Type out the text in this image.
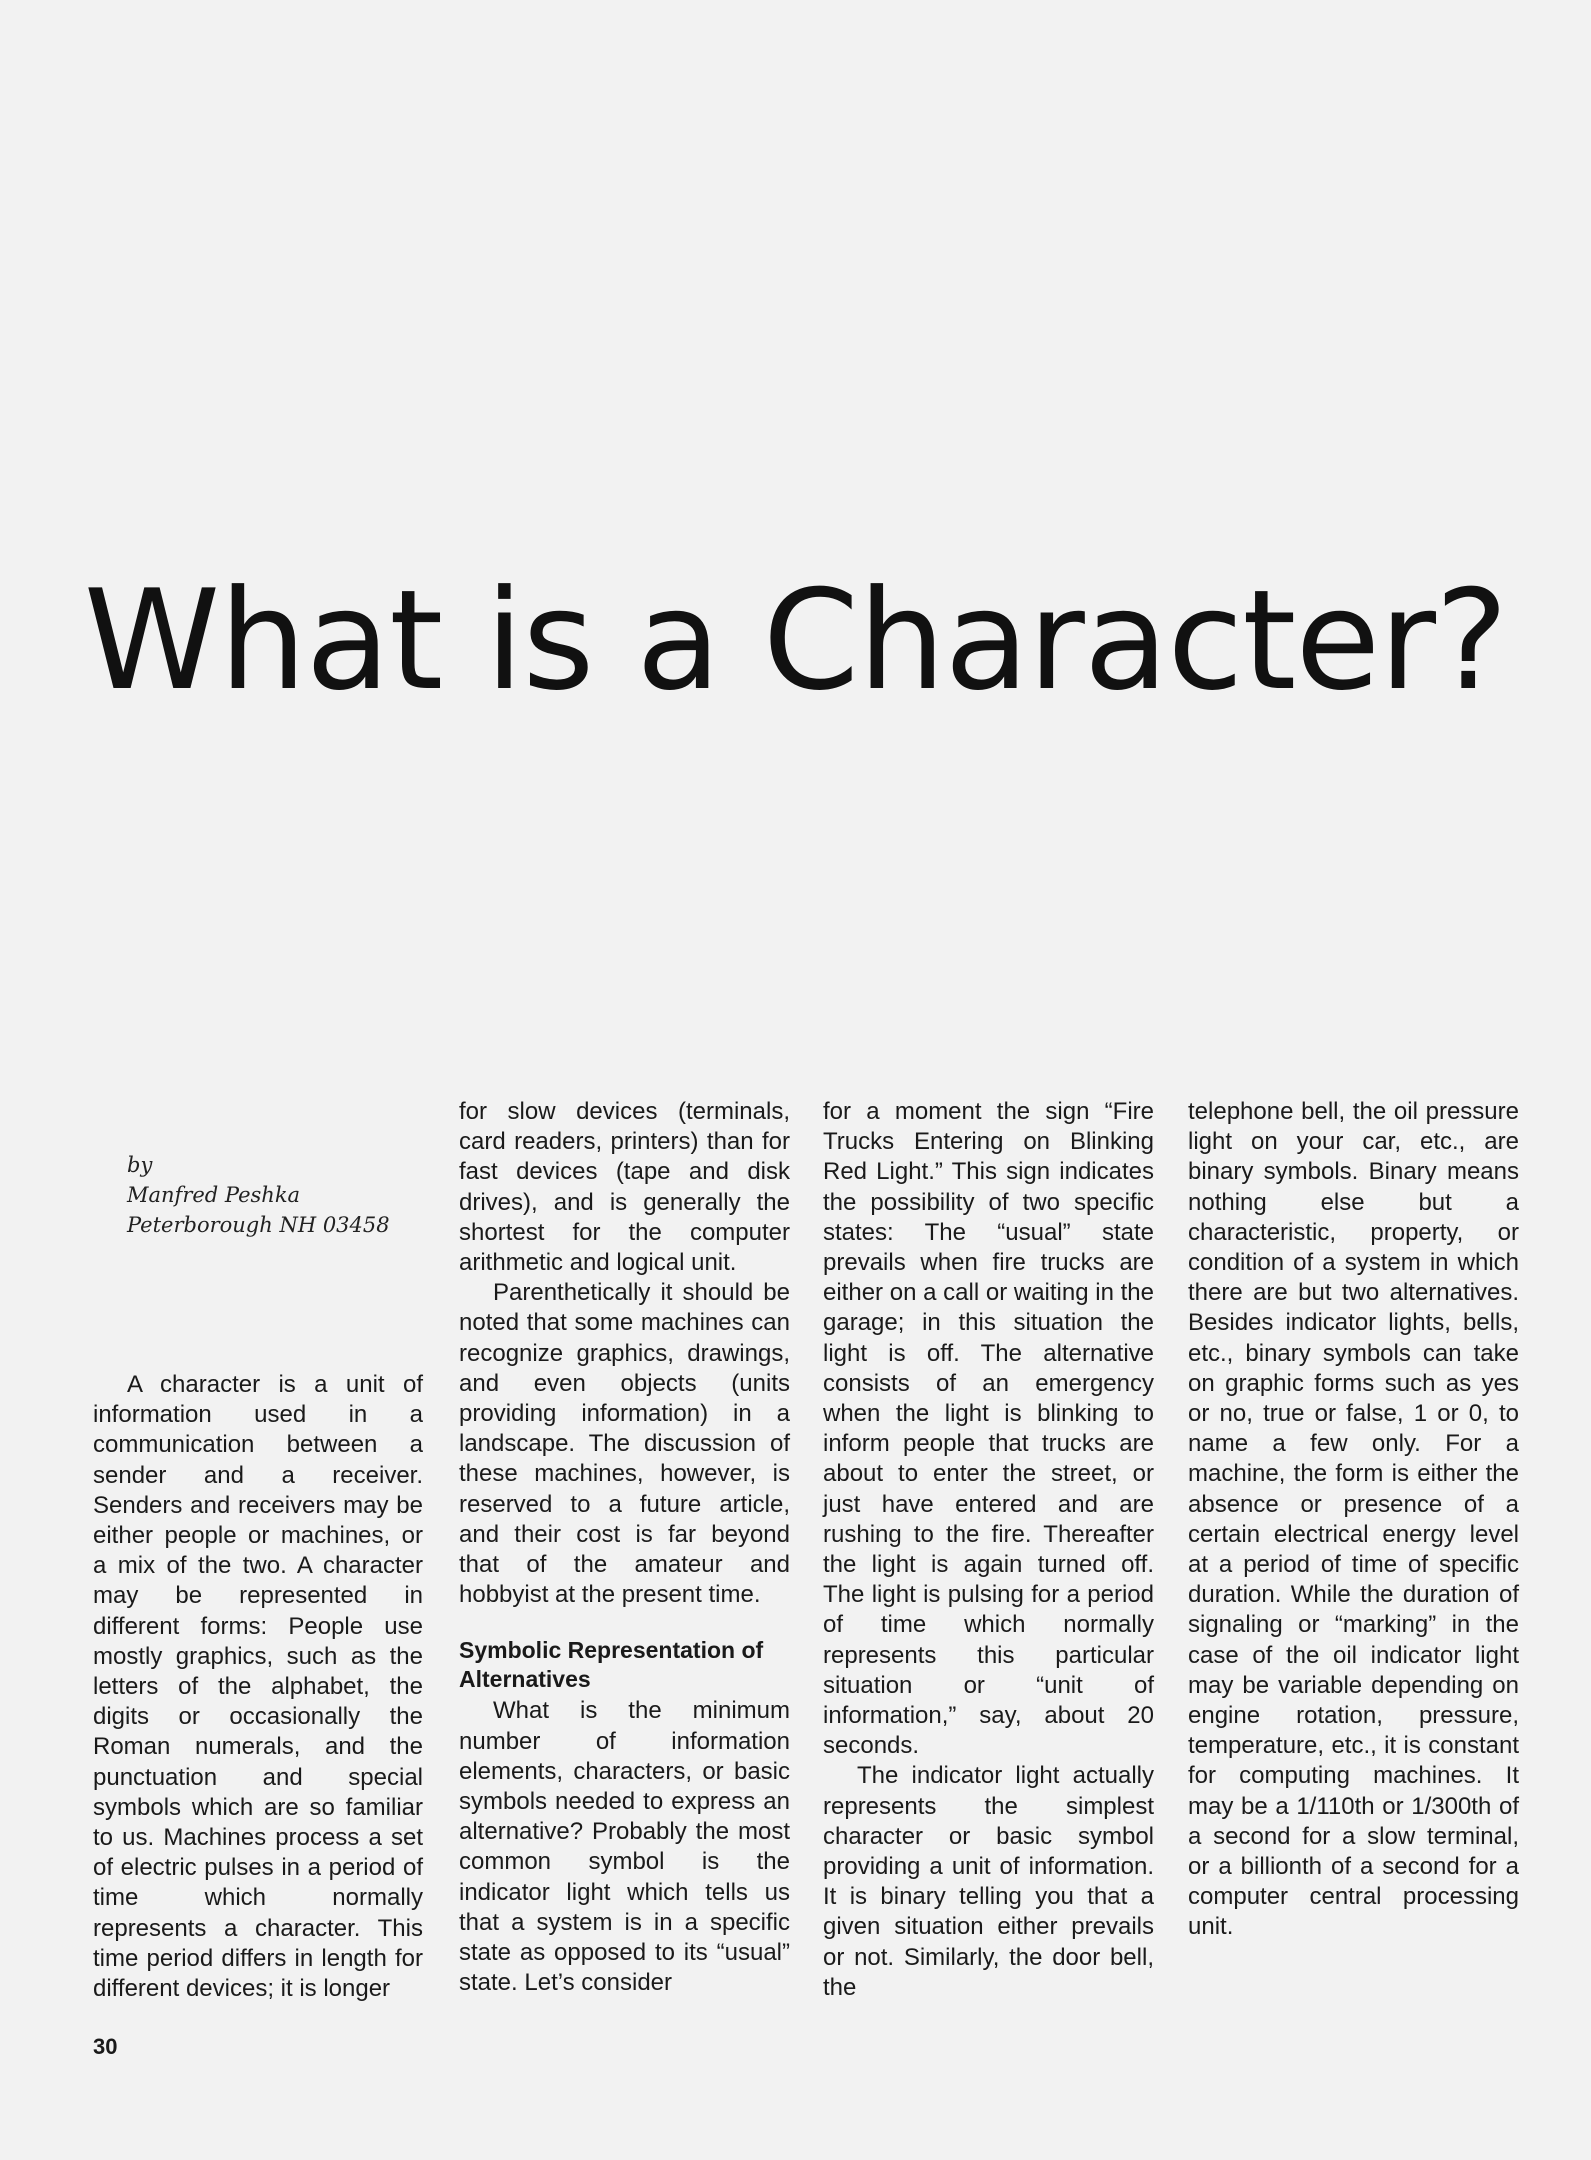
What is a Character?
by
Manfred Peshka
Peterborough NH 03458

A character is a unit of information used in a communication between a sender and a receiver. Senders and receivers may be either people or machines, or a mix of the two. A character may be represented in different forms: People use mostly graphics, such as the letters of the alphabet, the digits or occasionally the Roman numerals, and the punctuation and special symbols which are so familiar to us. Machines process a set of electric pulses in a period of time which normally represents a character. This time period differs in length for different devices; it is longer

for slow devices (terminals, card readers, printers) than for fast devices (tape and disk drives), and is generally the shortest for the computer arithmetic and logical unit.

Parenthetically it should be noted that some machines can recognize graphics, drawings, and even objects (units providing information) in a landscape. The discussion of these machines, however, is reserved to a future article, and their cost is far beyond that of the amateur and hobbyist at the present time.

Symbolic Representation of Alternatives

What is the minimum number of information elements, characters, or basic symbols needed to express an alternative? Probably the most common symbol is the indicator light which tells us that a system is in a specific state as opposed to its “usual” state. Let’s consider

for a moment the sign “Fire Trucks Entering on Blinking Red Light.” This sign indicates the possibility of two specific states: The “usual” state prevails when fire trucks are either on a call or waiting in the garage; in this situation the light is off. The alternative consists of an emergency when the light is blinking to inform people that trucks are about to enter the street, or just have entered and are rushing to the fire. Thereafter the light is again turned off. The light is pulsing for a period of time which normally represents this particular situation or “unit of information,” say, about 20 seconds.

The indicator light actually represents the simplest character or basic symbol providing a unit of information. It is binary telling you that a given situation either prevails or not. Similarly, the door bell, the

telephone bell, the oil pressure light on your car, etc., are binary symbols. Binary means nothing else but a characteristic, property, or condition of a system in which there are but two alternatives. Besides indicator lights, bells, etc., binary symbols can take on graphic forms such as yes or no, true or false, 1 or 0, to name a few only. For a machine, the form is either the absence or presence of a certain electrical energy level at a period of time of specific duration. While the duration of signaling or “marking” in the case of the oil indicator light may be variable depending on engine rotation, pressure, temperature, etc., it is constant for computing machines. It may be a 1/110th or 1/300th of a second for a slow terminal, or a billionth of a second for a computer central processing unit.

30
